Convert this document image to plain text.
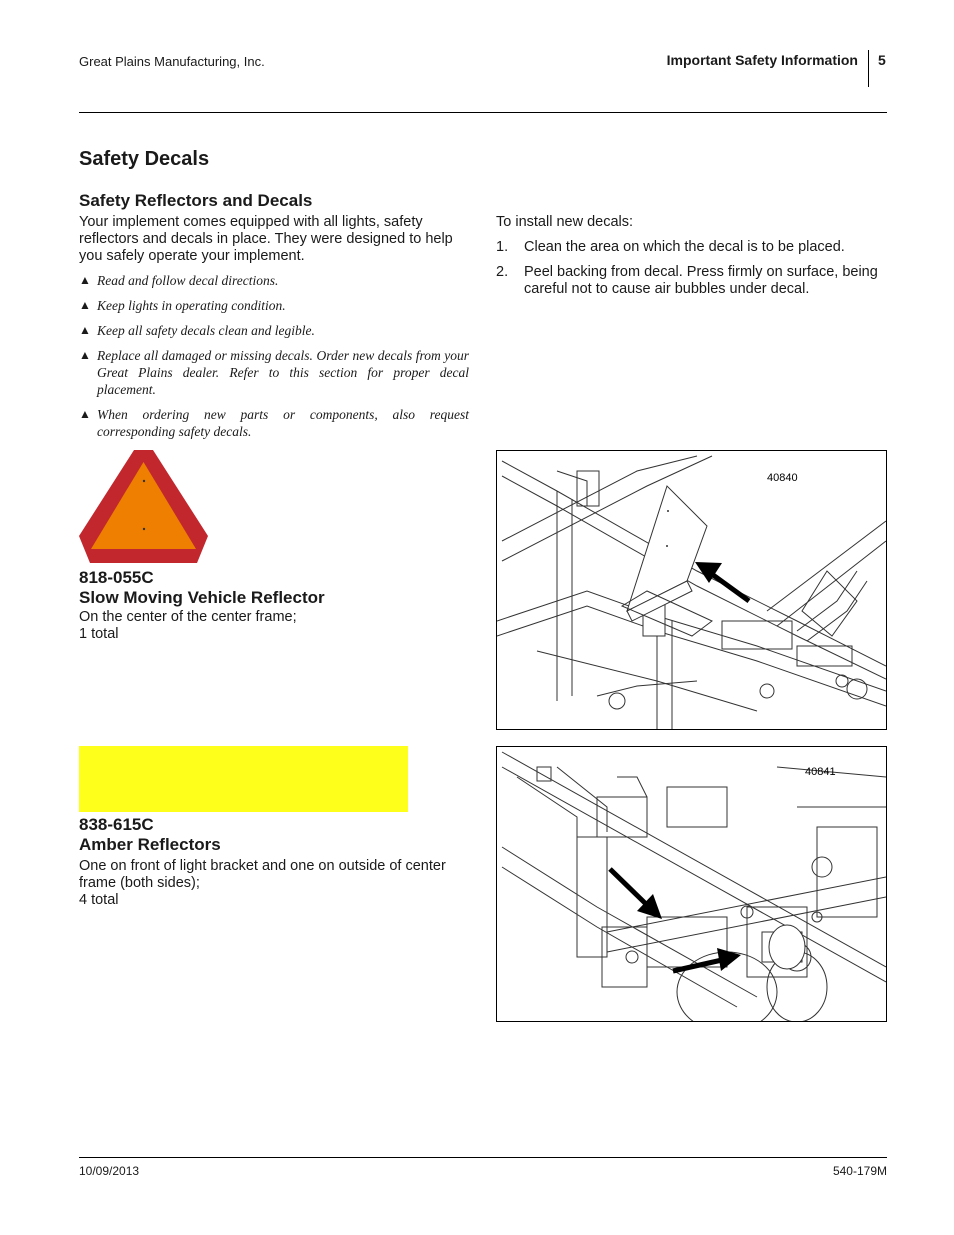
Great Plains Manufacturing, Inc.	Important Safety Information 5
Safety Decals
Safety Reflectors and Decals
Your implement comes equipped with all lights, safety reflectors and decals in place. They were designed to help you safely operate your implement.
▲ Read and follow decal directions.
▲ Keep lights in operating condition.
▲ Keep all safety decals clean and legible.
▲ Replace all damaged or missing decals. Order new decals from your Great Plains dealer. Refer to this section for proper decal placement.
▲ When ordering new parts or components, also request corresponding safety decals.
To install new decals:
1. Clean the area on which the decal is to be placed.
2. Peel backing from decal. Press firmly on surface, being careful not to cause air bubbles under decal.
818-055C
Slow Moving Vehicle Reflector
On the center of the center frame;
1 total
838-615C
Amber Reflectors
One on front of light bracket and one on outside of center frame (both sides);
4 total
40840
40841
10/09/2013	540-179M
